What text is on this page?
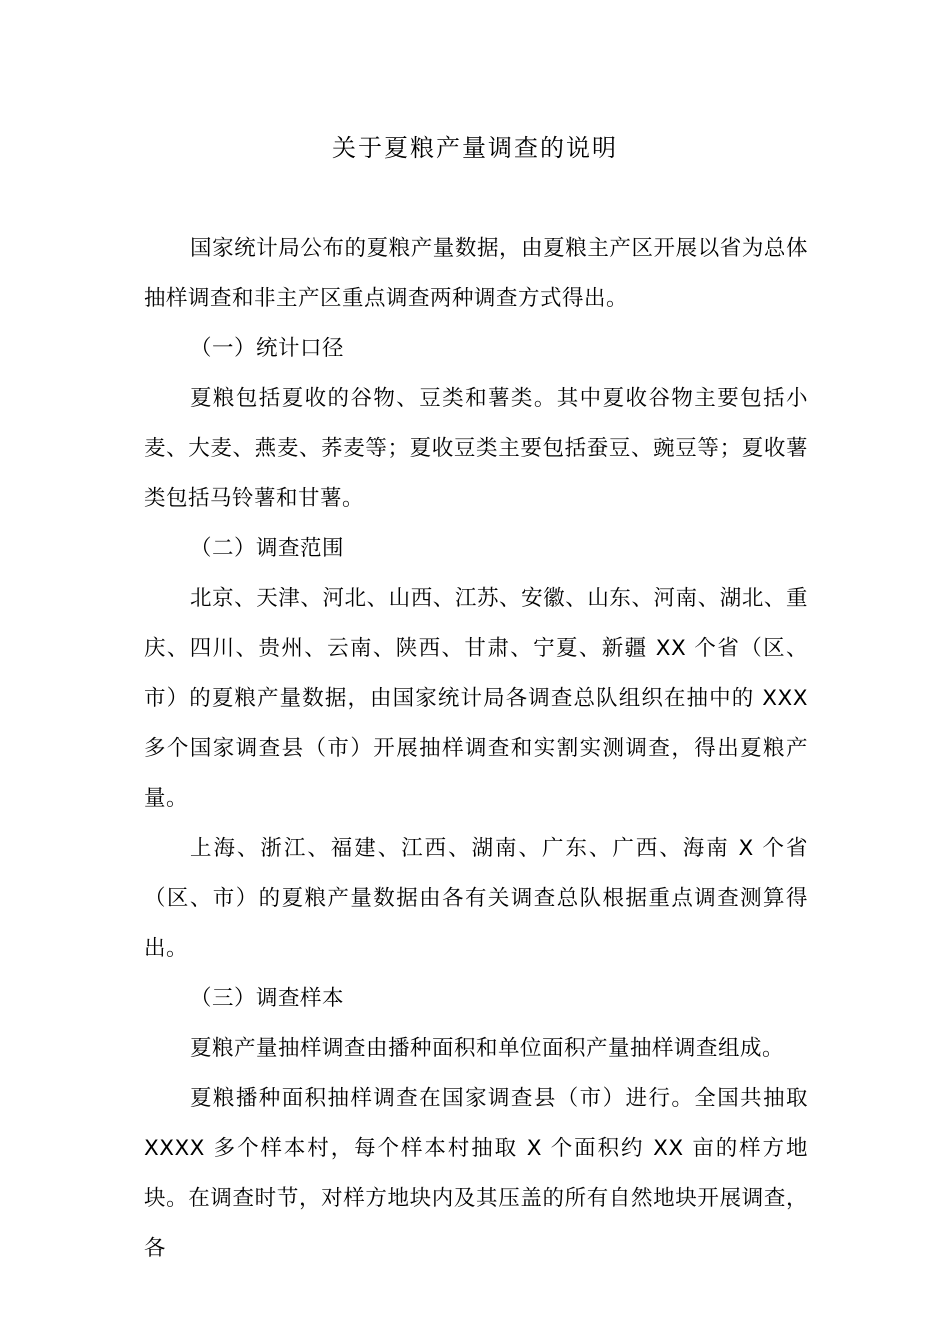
关于夏粮产量调查的说明

国家统计局公布的夏粮产量数据，由夏粮主产区开展以省为总体抽样调查和非主产区重点调查两种调查方式得出。

（一）统计口径

夏粮包括夏收的谷物、豆类和薯类。其中夏收谷物主要包括小麦、大麦、燕麦、荞麦等；夏收豆类主要包括蚕豆、豌豆等；夏收薯类包括马铃薯和甘薯。

（二）调查范围

北京、天津、河北、山西、江苏、安徽、山东、河南、湖北、重庆、四川、贵州、云南、陕西、甘肃、宁夏、新疆 XX 个省（区、市）的夏粮产量数据，由国家统计局各调查总队组织在抽中的 XXX 多个国家调查县（市）开展抽样调查和实割实测调查，得出夏粮产量。

上海、浙江、福建、江西、湖南、广东、广西、海南 X 个省（区、市）的夏粮产量数据由各有关调查总队根据重点调查测算得出。

（三）调查样本

夏粮产量抽样调查由播种面积和单位面积产量抽样调查组成。

夏粮播种面积抽样调查在国家调查县（市）进行。全国共抽取 XXXX 多个样本村，每个样本村抽取 X 个面积约 XX 亩的样方地块。在调查时节，对样方地块内及其压盖的所有自然地块开展调查，各
